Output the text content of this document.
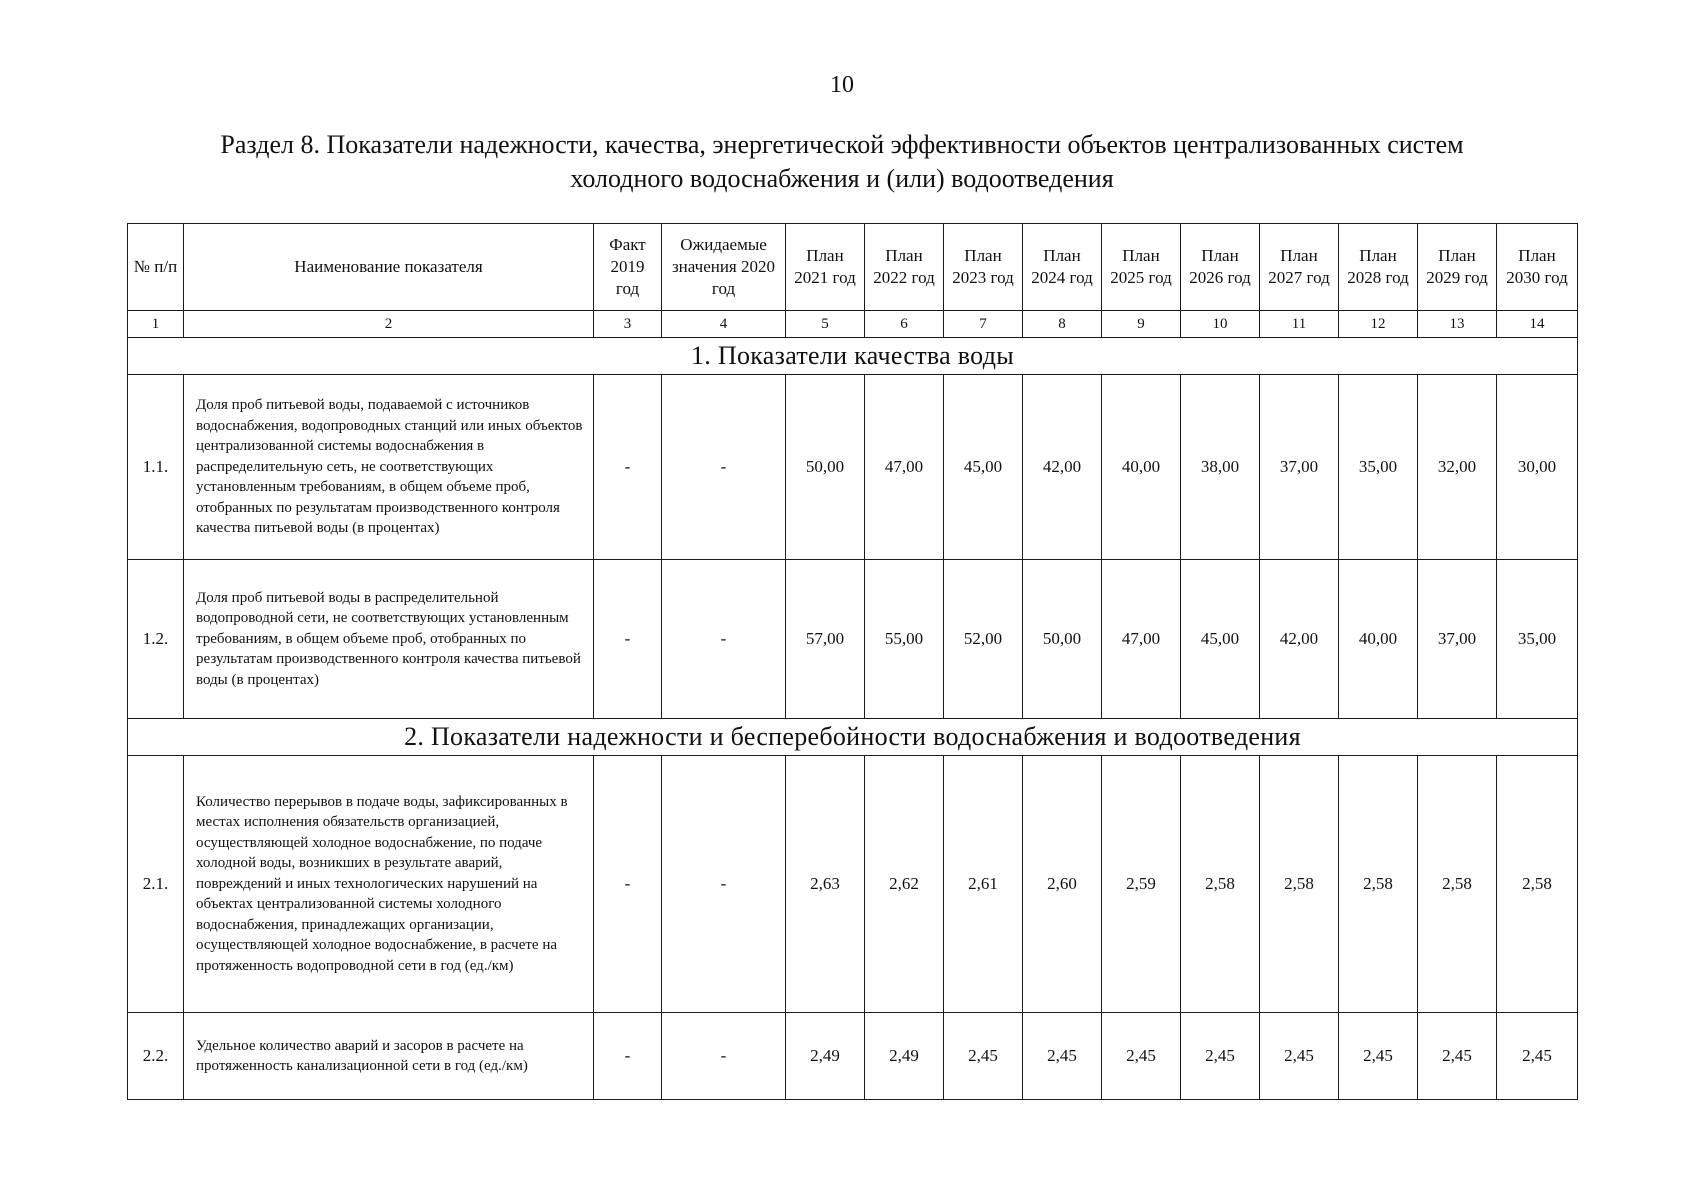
10
Раздел 8. Показатели надежности, качества, энергетической эффективности объектов централизованных систем
холодного водоснабжения и (или) водоотведения
№ п/п	Наименование показателя	Факт 2019 год	Ожидаемые значения 2020 год	План 2021 год	План 2022 год	План 2023 год	План 2024 год	План 2025 год	План 2026 год	План 2027 год	План 2028 год	План 2029 год	План 2030 год
1	2	3	4	5	6	7	8	9	10	11	12	13	14
1. Показатели качества воды													
1.1.	Доля проб питьевой воды, подаваемой с источников водоснабжения, водопроводных станций или иных объектов централизованной системы водоснабжения в распределительную сеть, не соответствующих установленным требованиям, в общем объеме проб, отобранных по результатам производственного контроля качества питьевой воды (в процентах)	-	-	50,00	47,00	45,00	42,00	40,00	38,00	37,00	35,00	32,00	30,00
1.2.	Доля проб питьевой воды в распределительной водопроводной сети, не соответствующих установленным требованиям, в общем объеме проб, отобранных по результатам производственного контроля качества питьевой воды (в процентах)	-	-	57,00	55,00	52,00	50,00	47,00	45,00	42,00	40,00	37,00	35,00
2. Показатели надежности и бесперебойности водоснабжения и водоотведения													
2.1.	Количество перерывов в подаче воды, зафиксированных в местах исполнения обязательств организацией, осуществляющей холодное водоснабжение, по подаче холодной воды, возникших в результате аварий, повреждений и иных технологических нарушений на объектах централизованной системы холодного водоснабжения, принадлежащих организации, осуществляющей холодное водоснабжение, в расчете на протяженность водопроводной сети в год (ед./км)	-	-	2,63	2,62	2,61	2,60	2,59	2,58	2,58	2,58	2,58	2,58
2.2.	Удельное количество аварий и засоров в расчете на протяженность канализационной сети в год (ед./км)	-	-	2,49	2,49	2,45	2,45	2,45	2,45	2,45	2,45	2,45	2,45
